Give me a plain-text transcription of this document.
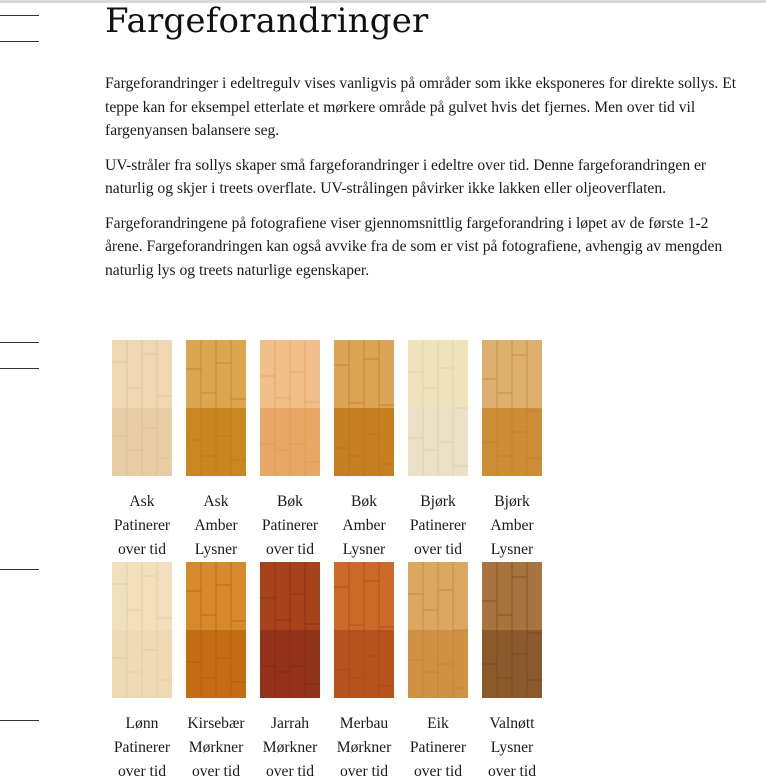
Fargeforandringer

Fargeforandringer i edeltregulv vises vanligvis på områder som ikke eksponeres for direkte sollys. Et teppe kan for eksempel etterlate et mørkere område på gulvet hvis det fjernes. Men over tid vil fargenyansen balansere seg.

UV-stråler fra sollys skaper små fargeforandringer i edeltre over tid. Denne fargeforandringen er naturlig og skjer i treets overflate. UV-strålingen påvirker ikke lakken eller oljeoverflaten.

Fargeforandringene på fotografiene viser gjennomsnittlig fargeforandring i løpet av de første 1-2 årene. Fargeforandringen kan også avvike fra de som er vist på fotografiene, avhengig av mengden naturlig lys og treets naturlige egenskaper.

Ask
Patinerer
over tid
Ask
Amber
Lysner
Bøk
Patinerer
over tid
Bøk
Amber
Lysner
Bjørk
Patinerer
over tid
Bjørk
Amber
Lysner
Lønn
Patinerer
over tid
Kirsebær
Mørkner
over tid
Jarrah
Mørkner
over tid
Merbau
Mørkner
over tid
Eik
Patinerer
over tid
Valnøtt
Lysner
over tid
